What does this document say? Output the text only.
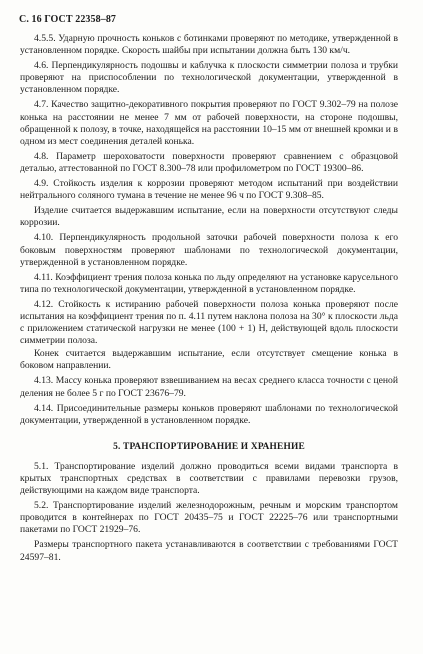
С. 16 ГОСТ 22358–87

4.5.5. Ударную прочность коньков с ботинками проверяют по методике, утвержденной в установленном порядке. Скорость шайбы при испытании должна быть 130 км/ч.

4.6. Перпендикулярность подошвы и каблучка к плоскости симметрии полоза и трубки проверяют на приспособлении по технологической документации, утвержденной в установленном порядке.

4.7. Качество защитно-декоративного покрытия проверяют по ГОСТ 9.302–79 на полозе конька на расстоянии не менее 7 мм от рабочей поверхности, на стороне подошвы, обращенной к полозу, в точке, находящейся на расстоянии 10–15 мм от внешней кромки и в одном из мест соединения деталей конька.

4.8. Параметр шероховатости поверхности проверяют сравнением с образцовой деталью, аттестованной по ГОСТ 8.300–78 или профилометром по ГОСТ 19300–86.

4.9. Стойкость изделия к коррозии проверяют методом испытаний при воздействии нейтрального соляного тумана в течение не менее 96 ч по ГОСТ 9.308–85.

Изделие считается выдержавшим испытание, если на поверхности отсутствуют следы коррозии.

4.10. Перпендикулярность продольной заточки рабочей поверхности полоза к его боковым поверхностям проверяют шаблонами по технологической документации, утвержденной в установленном порядке.

4.11. Коэффициент трения полоза конька по льду определяют на установке карусельного типа по технологической документации, утвержденной в установленном порядке.

4.12. Стойкость к истиранию рабочей поверхности полоза конька проверяют после испытания на коэффициент трения по п. 4.11 путем наклона полоза на 30° к плоскости льда с приложением статической нагрузки не менее (100 + 1) Н, действующей вдоль плоскости симметрии полоза.

Конек считается выдержавшим испытание, если отсутствует смещение конька в боковом направлении.

4.13. Массу конька проверяют взвешиванием на весах среднего класса точности с ценой деления не более 5 г по ГОСТ 23676–79.

4.14. Присоединительные размеры коньков проверяют шаблонами по технологической документации, утвержденной в установленном порядке.

5. ТРАНСПОРТИРОВАНИЕ И ХРАНЕНИЕ

5.1. Транспортирование изделий должно проводиться всеми видами транспорта в крытых транспортных средствах в соответствии с правилами перевозки грузов, действующими на каждом виде транспорта.

5.2. Транспортирование изделий железнодорожным, речным и морским транспортом проводится в контейнерах по ГОСТ 20435–75 и ГОСТ 22225–76 или транспортными пакетами по ГОСТ 21929–76.

Размеры транспортного пакета устанавливаются в соответствии с требованиями ГОСТ 24597–81.
